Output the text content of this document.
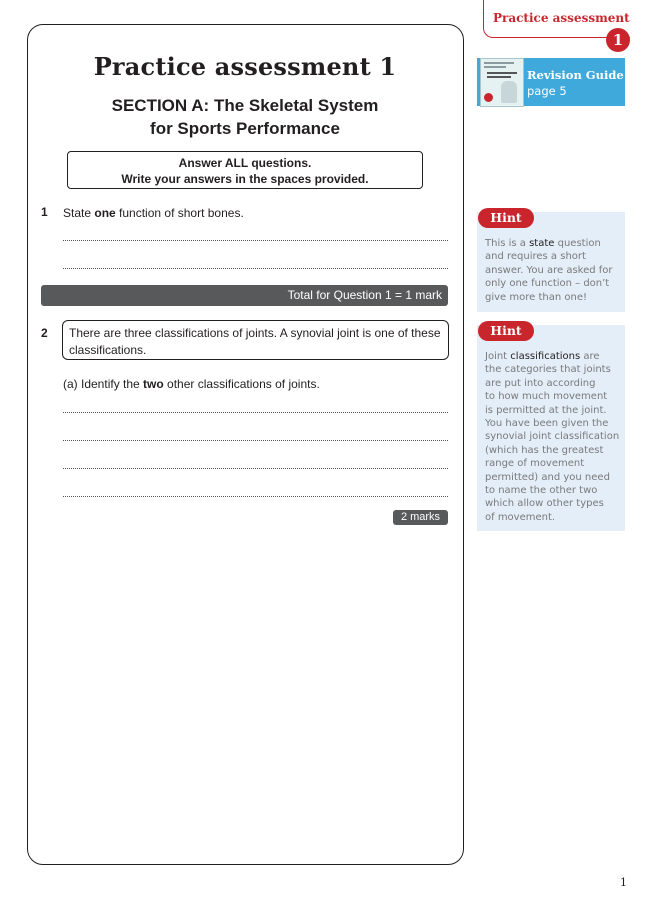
Practice assessment
1
Revision Guide
page 5
Practice assessment 1
SECTION A: The Skeletal System
for Sports Performance
Answer ALL questions.
Write your answers in the spaces provided.
1 State one function of short bones.
Total for Question 1 = 1 mark
2	There are three classifications of joints. A synovial joint is one of these classifications.
(a) Identify the two other classifications of joints.
2 marks
Hint
This is a state question
and requires a short
answer. You are asked for
only one function – don’t
give more than one!
Hint
Joint classifications are
the categories that joints
are put into according
to how much movement
is permitted at the joint.
You have been given the
synovial joint classification
(which has the greatest
range of movement
permitted) and you need
to name the other two
which allow other types
of movement.
1
